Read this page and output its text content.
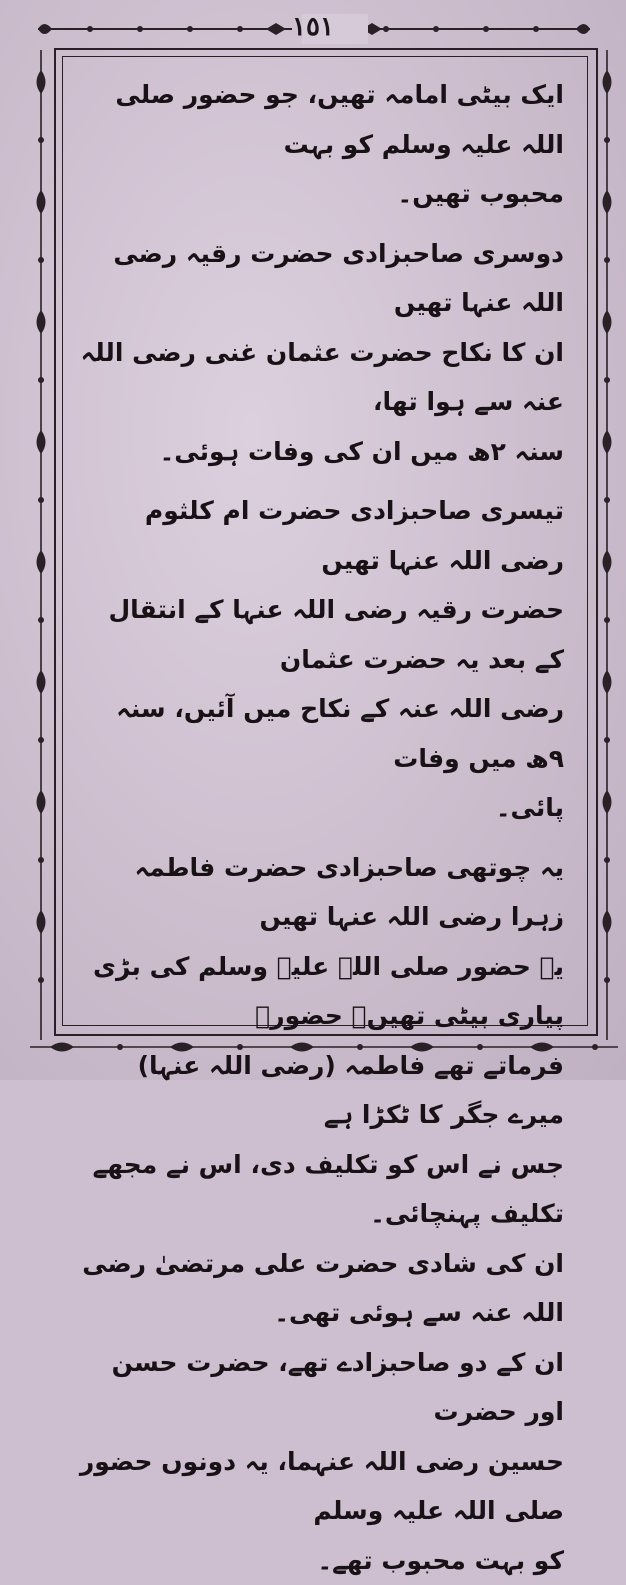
١٥١

ایک بیٹی امامہ تھیں، جو حضور صلی اللہ علیہ وسلم کو بہت

محبوب تھیں۔

دوسری صاحبزادی حضرت رقیہ رضی اللہ عنہا تھیں

ان کا نکاح حضرت عثمان غنی رضی اللہ عنہ سے ہوا تھا،

سنہ ۲ھ میں ان کی وفات ہوئی۔

تیسری صاحبزادی حضرت ام کلثوم رضی اللہ عنہا تھیں

حضرت رقیہ رضی اللہ عنہا کے انتقال کے بعد یہ حضرت عثمان

رضی اللہ عنہ کے نکاح میں آئیں، سنہ ۹ھ میں وفات

پائی۔

یہ چوتھی صاحبزادی حضرت فاطمہ زہرا رضی اللہ عنہا تھیں

یہ حضور صلی اللہ علیہ وسلم کی بڑی پیاری بیٹی تھیں۔ حضورؐ

فرماتے تھے فاطمہ (رضی اللہ عنہا) میرے جگر کا ٹکڑا ہے

جس نے اس کو تکلیف دی، اس نے مجھے تکلیف پہنچائی۔

ان کی شادی حضرت علی مرتضیٰ رضی اللہ عنہ سے ہوئی تھی۔

ان کے دو صاحبزادے تھے، حضرت حسن اور حضرت

حسین رضی اللہ عنہما، یہ دونوں حضور صلی اللہ علیہ وسلم

کو بہت محبوب تھے۔
